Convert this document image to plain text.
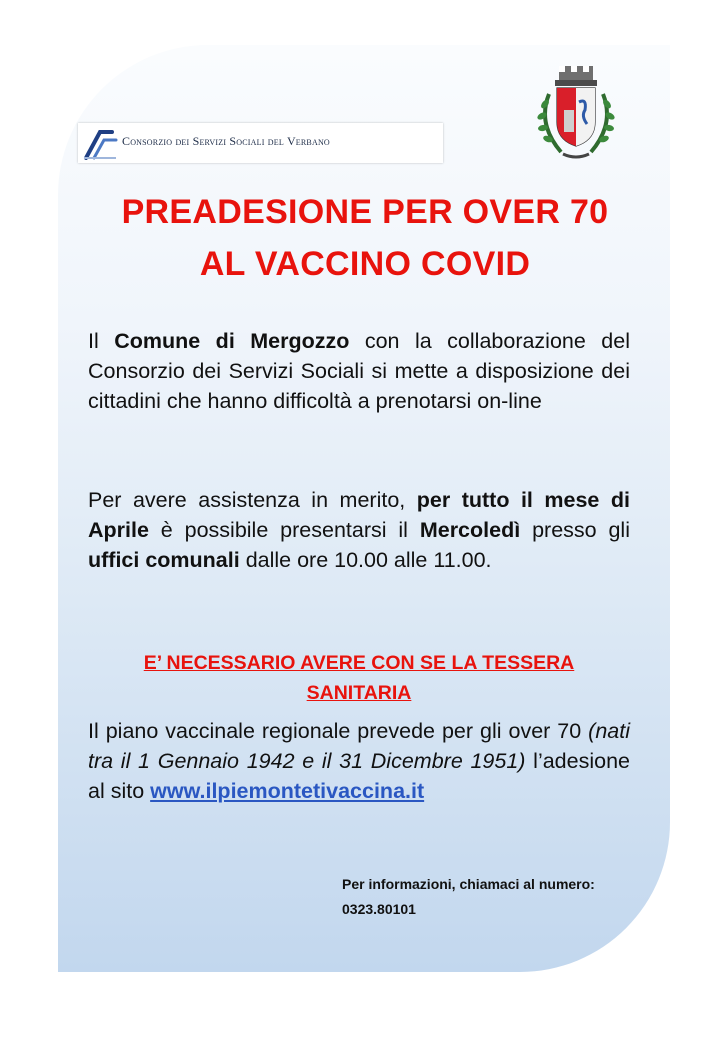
Consorzio dei Servizi Sociali del Verbano
PREADESIONE PER OVER 70
AL VACCINO COVID
Il Comune di Mergozzo con la collaborazione del Consorzio dei Servizi Sociali si mette a disposizione dei cittadini che hanno difficoltà a prenotarsi on-line
Per avere assistenza in merito, per tutto il mese di Aprile è possibile presentarsi il Mercoledì presso gli uffici comunali dalle ore 10.00 alle 11.00.
E’ NECESSARIO AVERE CON SE LA TESSERA
SANITARIA
Il piano vaccinale regionale prevede per gli over 70 (nati tra il 1 Gennaio 1942 e il 31 Dicembre 1951) l’adesione al sito www.ilpiemontetivaccina.it
Per informazioni, chiamaci al numero:
0323.80101
